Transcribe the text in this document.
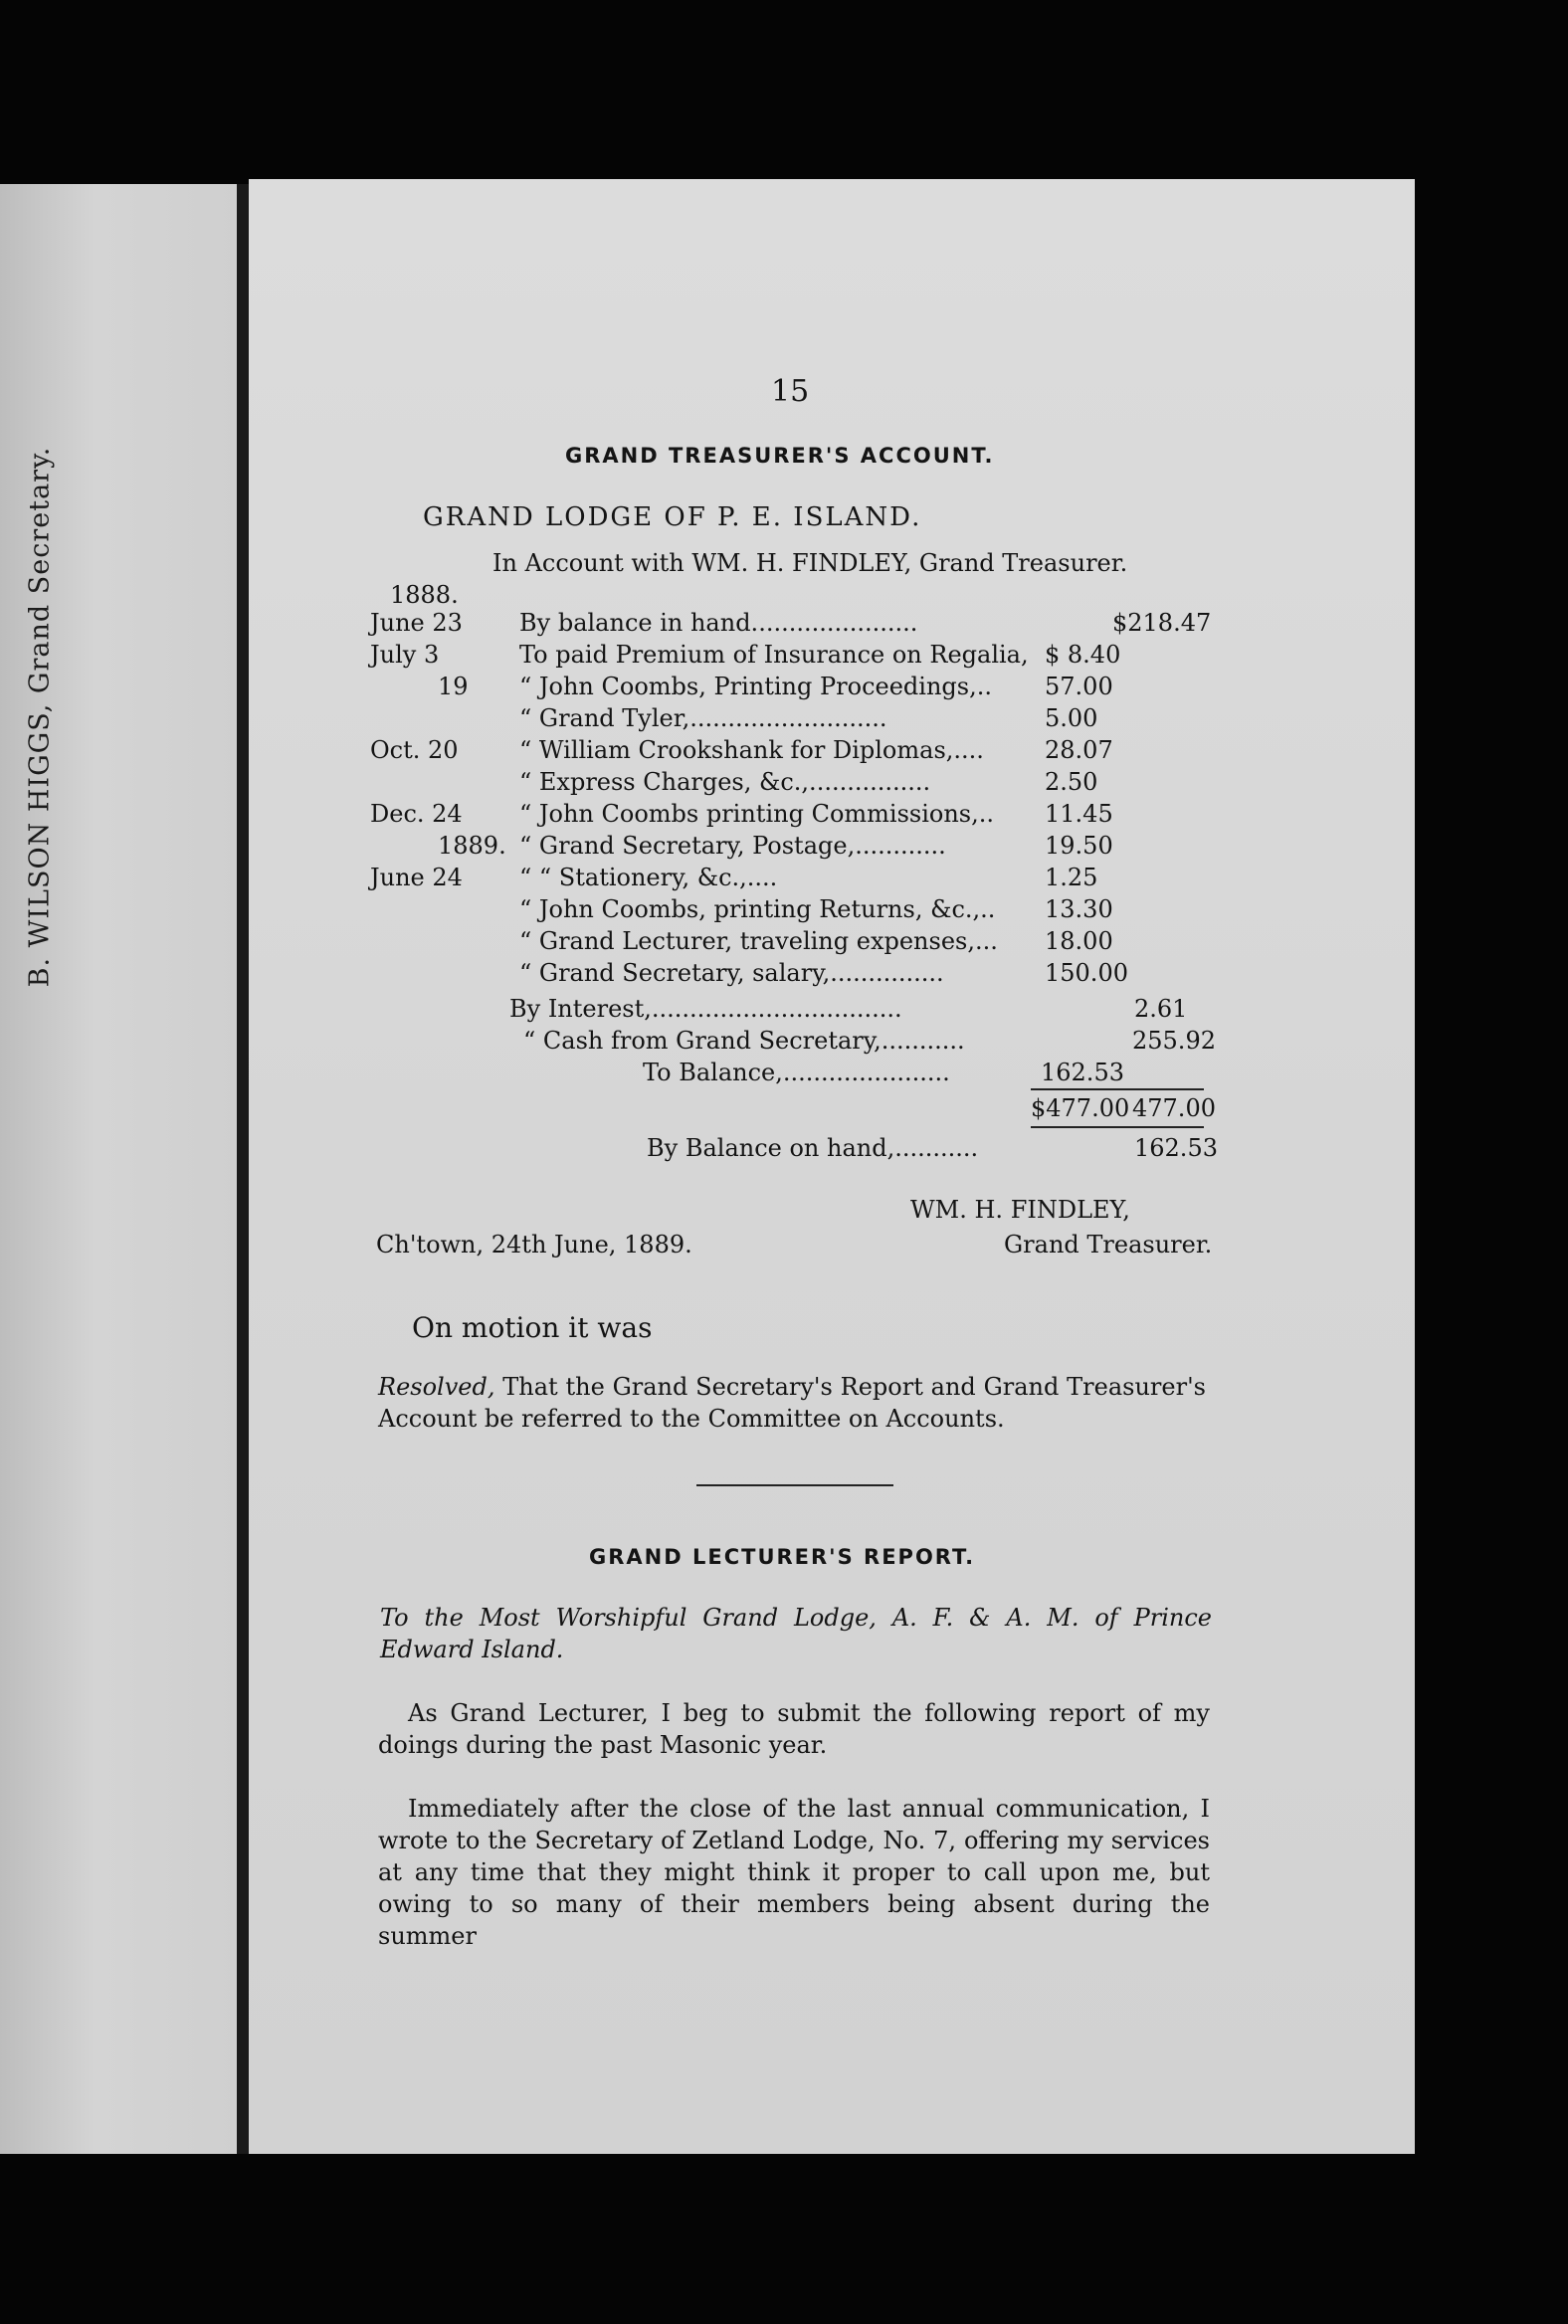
B. WILSON HIGGS, Grand Secretary.
15
GRAND TREASURER'S ACCOUNT.
GRAND LODGE OF P. E. ISLAND.
In Account with WM. H. FINDLEY, Grand Treasurer.
1888.
June 23 By balance in hand......................	$218.47
July 3	To paid Premium of Insurance on Regalia, $ 8.40
19 “ John Coombs, Printing Proceedings,.. 57.00
“ Grand Tyler,..........................	5.00
Oct. 20	“ William Crookshank for Diplomas,....	28.07
“ Express Charges, &c.,................	2.50
Dec. 24 “ John Coombs printing Commissions,.. 11.45
1889. “ Grand Secretary, Postage,............	19.50
June 24 “ “ Stationery, &c.,....	1.25
“ John Coombs, printing Returns, &c.,.. 13.30
“ Grand Lecturer, traveling expenses,... 18.00
“ Grand Secretary, salary,...............	150.00
By Interest,.................................	2.61
“ Cash from Grand Secretary,...........	255.92
To Balance,......................	162.53
$477.00 477.00
By Balance on hand,...........	162.53
WM. H. FINDLEY,
Ch'town, 24th June, 1889.	Grand Treasurer.
On motion it was
Resolved, That the Grand Secretary's Report and Grand Treasurer's Account be referred to the Committee on Accounts.
GRAND LECTURER'S REPORT.
To the Most Worshipful Grand Lodge, A. F. & A. M. of Prince Edward Island.
As Grand Lecturer, I beg to submit the following report of my doings during the past Masonic year.
Immediately after the close of the last annual communication, I wrote to the Secretary of Zetland Lodge, No. 7, offering my services at any time that they might think it proper to call upon me, but owing to so many of their members being absent during the summer
